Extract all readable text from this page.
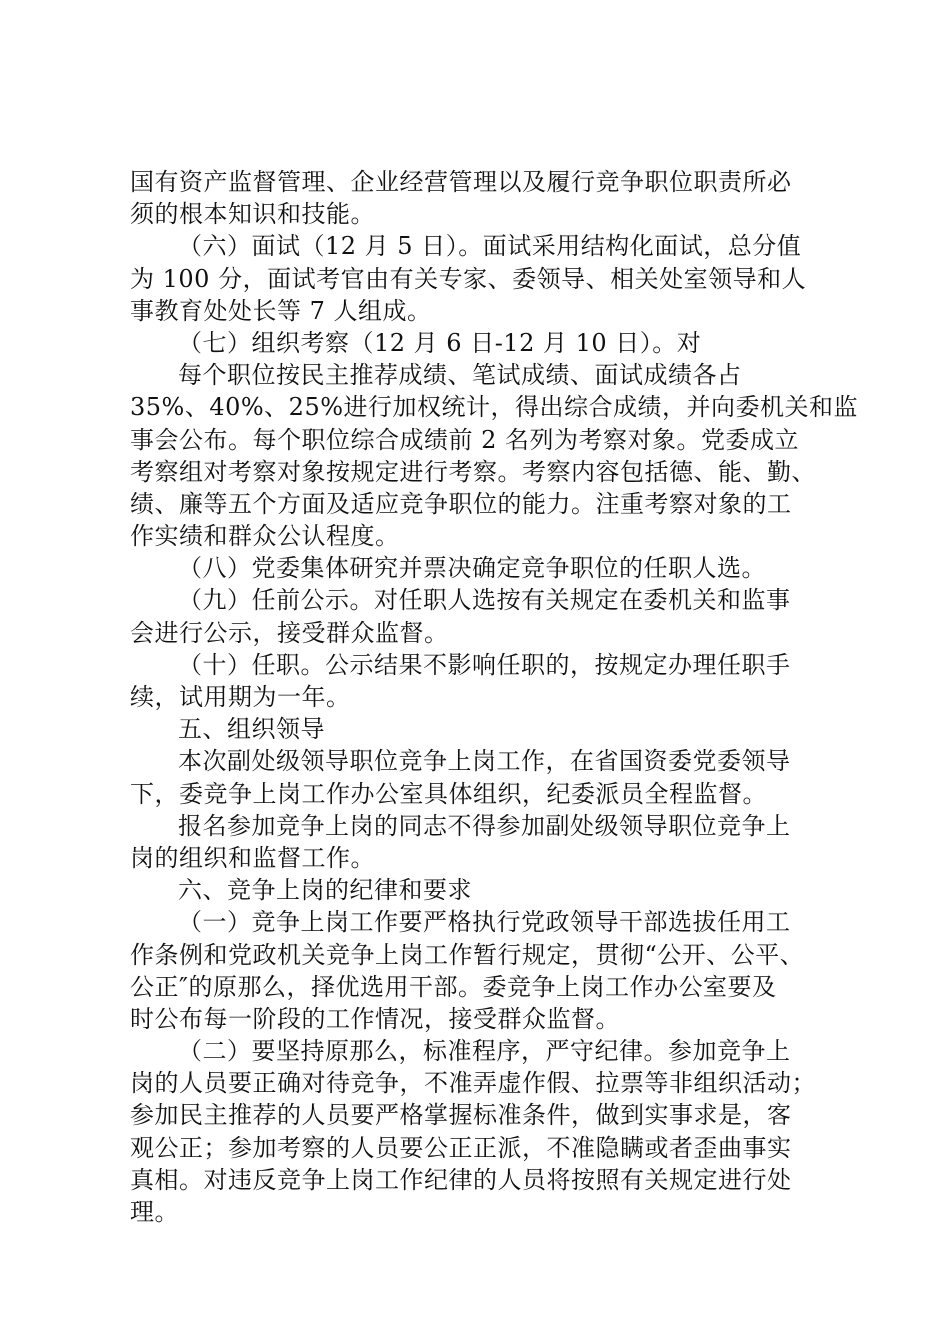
国有资产监督管理、企业经营管理以及履行竞争职位职责所必
须的根本知识和技能。
（六）面试（12 月 5 日）。面试采用结构化面试，总分值
为 100 分，面试考官由有关专家、委领导、相关处室领导和人
事教育处处长等 7 人组成。
（七）组织考察（12 月 6 日-12 月 10 日）。对
每个职位按民主推荐成绩、笔试成绩、面试成绩各占
35%、40%、25%进行加权统计，得出综合成绩，并向委机关和监
事会公布。每个职位综合成绩前 2 名列为考察对象。党委成立
考察组对考察对象按规定进行考察。考察内容包括德、能、勤、
绩、廉等五个方面及适应竞争职位的能力。注重考察对象的工
作实绩和群众公认程度。
（八）党委集体研究并票决确定竞争职位的任职人选。
（九）任前公示。对任职人选按有关规定在委机关和监事
会进行公示，接受群众监督。
（十）任职。公示结果不影响任职的，按规定办理任职手
续，试用期为一年。
五、组织领导
本次副处级领导职位竞争上岗工作，在省国资委党委领导
下，委竞争上岗工作办公室具体组织，纪委派员全程监督。
报名参加竞争上岗的同志不得参加副处级领导职位竞争上
岗的组织和监督工作。
六、竞争上岗的纪律和要求
（一）竞争上岗工作要严格执行党政领导干部选拔任用工
作条例和党政机关竞争上岗工作暂行规定，贯彻“公开、公平、
公正″的原那么，择优选用干部。委竞争上岗工作办公室要及
时公布每一阶段的工作情况，接受群众监督。
（二）要坚持原那么，标准程序，严守纪律。参加竞争上
岗的人员要正确对待竞争，不准弄虚作假、拉票等非组织活动；
参加民主推荐的人员要严格掌握标准条件，做到实事求是，客
观公正；参加考察的人员要公正正派，不准隐瞒或者歪曲事实
真相。对违反竞争上岗工作纪律的人员将按照有关规定进行处
理。
